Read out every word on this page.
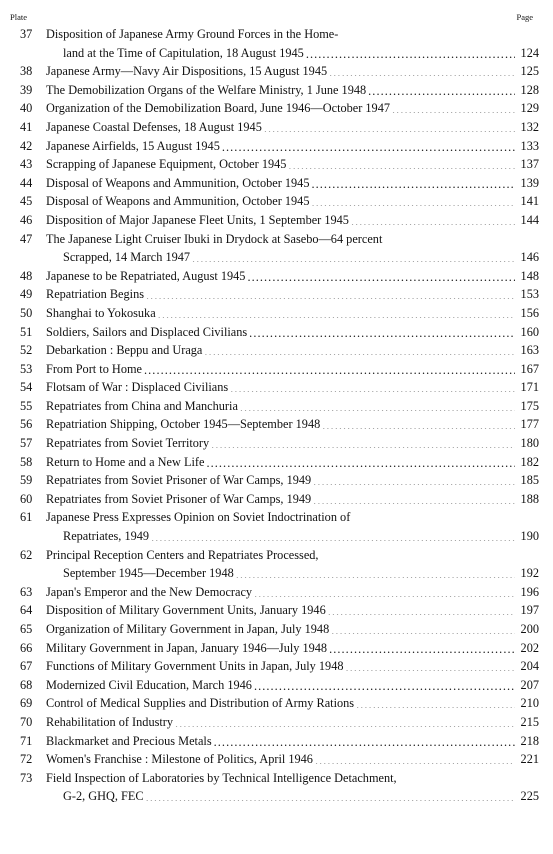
Plate	Page
37	Disposition of Japanese Army Ground Forces in the Home-
land at the Time of Capitulation, 18 August 1945 . . .	124
38	Japanese Army—Navy Air Dispositions, 15 August 1945 . . .	125
39	The Demobilization Organs of the Welfare Ministry, 1 June 1948 . . .	128
40	Organization of the Demobilization Board, June 1946—October 1947 . . .	129
41	Japanese Coastal Defenses, 18 August 1945 . . .	132
42	Japanese Airfields, 15 August 1945 . . .	133
43	Scrapping of Japanese Equipment, October 1945 . . .	137
44	Disposal of Weapons and Ammunition, October 1945 . . .	139
45	Disposal of Weapons and Ammunition, October 1945 . . .	141
46	Disposition of Major Japanese Fleet Units, 1 September 1945 . . .	144
47	The Japanese Light Cruiser Ibuki in Drydock at Sasebo—64 percent
Scrapped, 14 March 1947 . . .	146
48	Japanese to be Repatriated, August 1945 . . .	148
49	Repatriation Begins . . .	153
50	Shanghai to Yokosuka . . .	156
51	Soldiers, Sailors and Displaced Civilians . . .	160
52	Debarkation : Beppu and Uraga . . .	163
53	From Port to Home . . .	167
54	Flotsam of War : Displaced Civilians . . .	171
55	Repatriates from China and Manchuria . . .	175
56	Repatriation Shipping, October 1945—September 1948 . . .	177
57	Repatriates from Soviet Territory . . .	180
58	Return to Home and a New Life . . .	182
59	Repatriates from Soviet Prisoner of War Camps, 1949 . . .	185
60	Repatriates from Soviet Prisoner of War Camps, 1949 . . .	188
61	Japanese Press Expresses Opinion on Soviet Indoctrination of
Repatriates, 1949 . . .	190
62	Principal Reception Centers and Repatriates Processed,
September 1945—December 1948 . . .	192
63	Japan's Emperor and the New Democracy . . .	196
64	Disposition of Military Government Units, January 1946 . . .	197
65	Organization of Military Government in Japan, July 1948 . . .	200
66	Military Government in Japan, January 1946—July 1948 . . .	202
67	Functions of Military Government Units in Japan, July 1948 . . .	204
68	Modernized Civil Education, March 1946 . . .	207
69	Control of Medical Supplies and Distribution of Army Rations . . .	210
70	Rehabilitation of Industry . . .	215
71	Blackmarket and Precious Metals . . .	218
72	Women's Franchise : Milestone of Politics, April 1946 . . .	221
73	Field Inspection of Laboratories by Technical Intelligence Detachment,
G-2, GHQ, FEC . . .	225
